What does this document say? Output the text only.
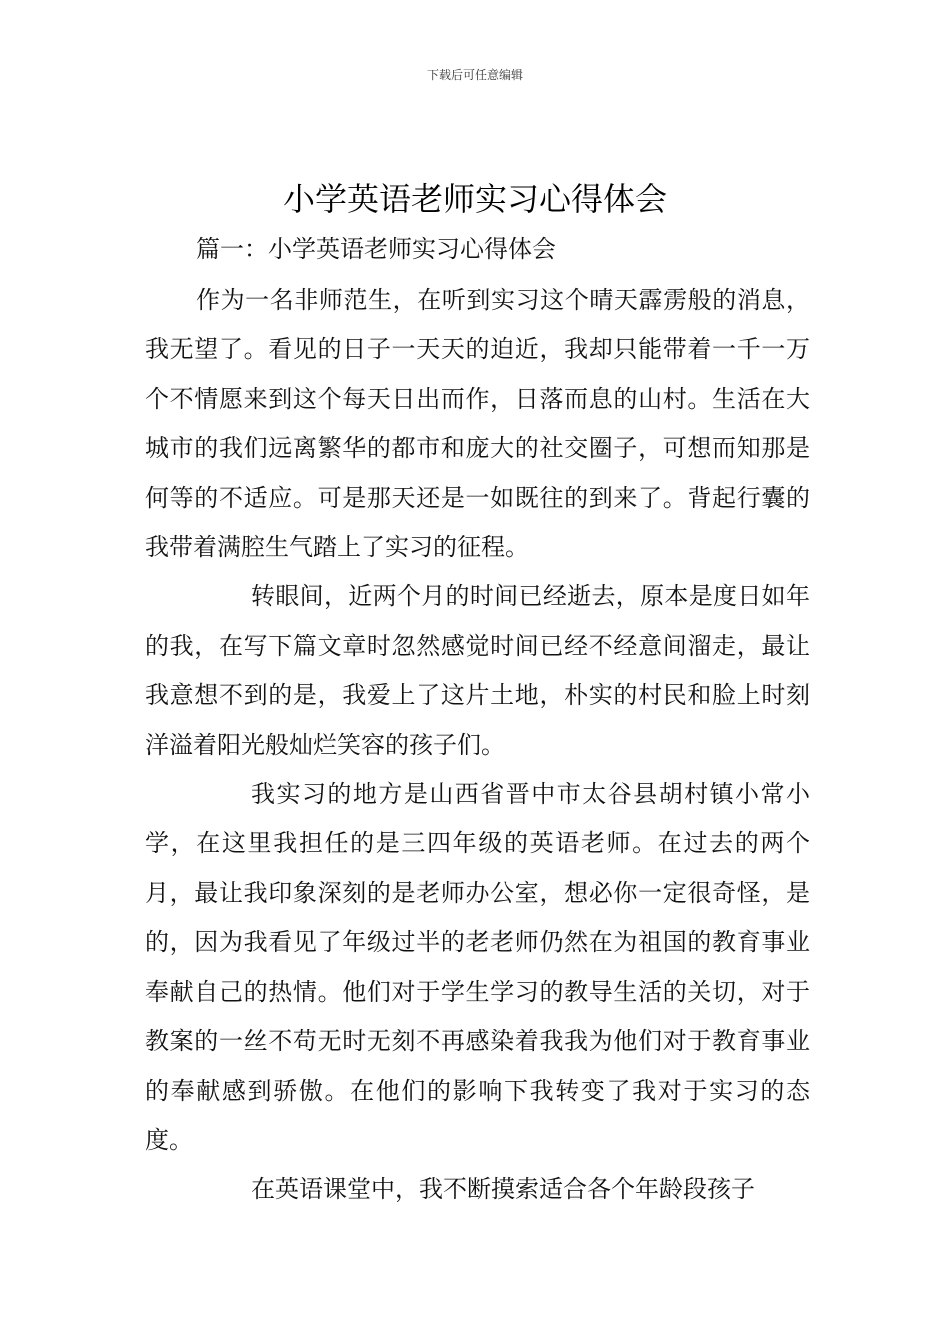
下载后可任意编辑
小学英语老师实习心得体会
篇一：小学英语老师实习心得体会

作为一名非师范生，在听到实习这个晴天霹雳般的消息，我无望了。看见的日子一天天的迫近，我却只能带着一千一万个不情愿来到这个每天日出而作，日落而息的山村。生活在大城市的我们远离繁华的都市和庞大的社交圈子，可想而知那是何等的不适应。可是那天还是一如既往的到来了。背起行囊的我带着满腔生气踏上了实习的征程。

转眼间，近两个月的时间已经逝去，原本是度日如年的我，在写下篇文章时忽然感觉时间已经不经意间溜走，最让我意想不到的是，我爱上了这片土地，朴实的村民和脸上时刻洋溢着阳光般灿烂笑容的孩子们。

我实习的地方是山西省晋中市太谷县胡村镇小常小学，在这里我担任的是三四年级的英语老师。在过去的两个月，最让我印象深刻的是老师办公室，想必你一定很奇怪，是的，因为我看见了年级过半的老老师仍然在为祖国的教育事业奉献自己的热情。他们对于学生学习的教导生活的关切，对于教案的一丝不苟无时无刻不再感染着我我为他们对于教育事业的奉献感到骄傲。在他们的影响下我转变了我对于实习的态度。

在英语课堂中，我不断摸索适合各个年龄段孩子
